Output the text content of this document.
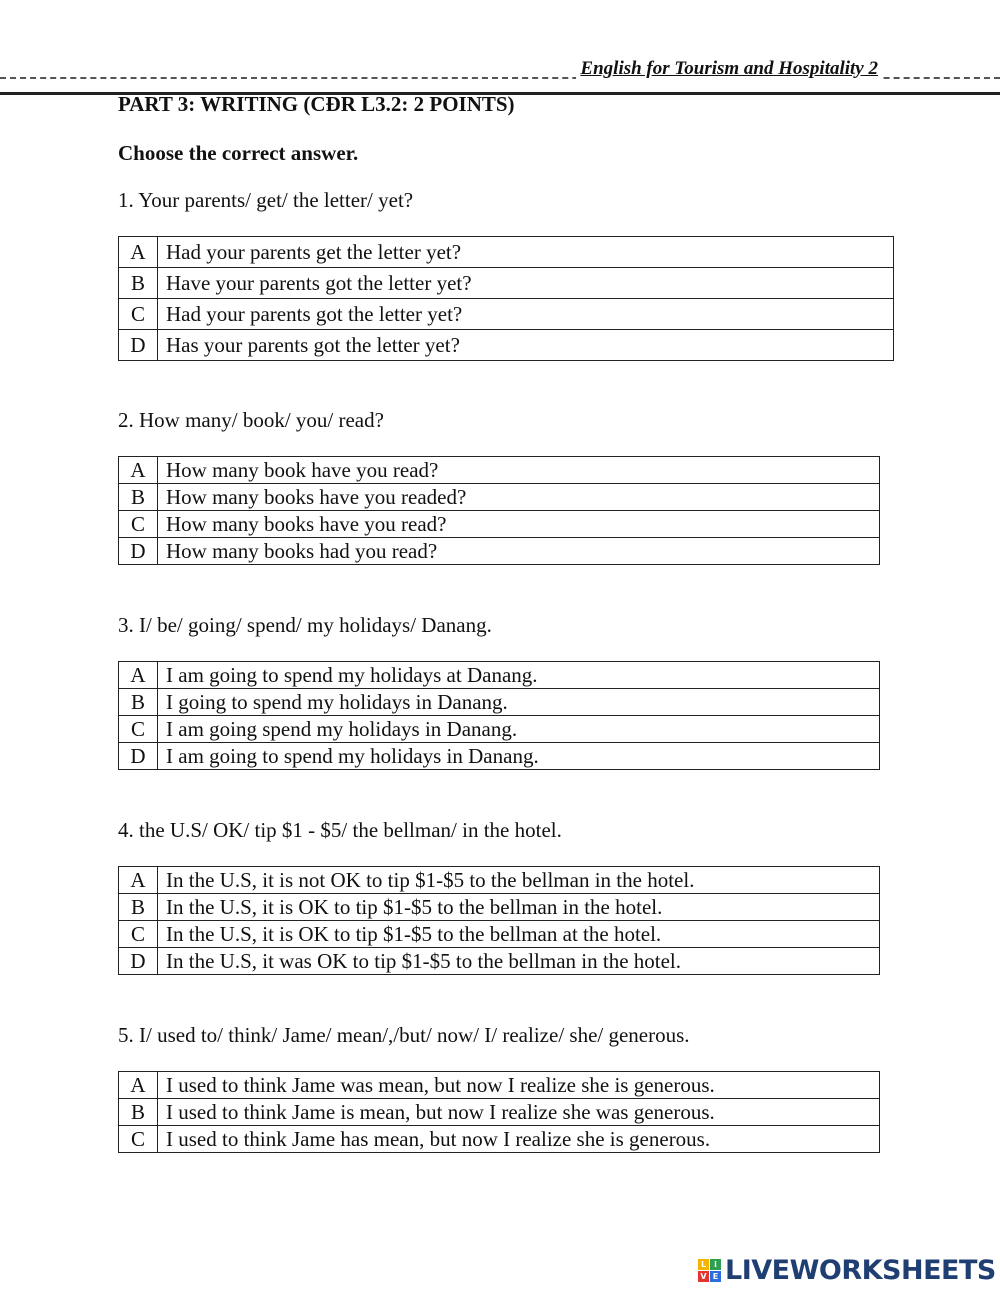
English for Tourism and Hospitality 2
PART 3: WRITING (CĐR L3.2: 2 POINTS)
Choose the correct answer.
1. Your parents/ get/ the letter/ yet?
A	Had your parents get the letter yet?
B	Have your parents got the letter yet?
C	Had your parents got the letter yet?
D	Has your parents got the letter yet?
2. How many/ book/ you/ read?
A	How many book have you read?
B	How many books have you readed?
C	How many books have you read?
D	How many books had you read?
3. I/ be/ going/ spend/ my holidays/ Danang.
A	I am going to spend my holidays at Danang.
B	I going to spend my holidays in Danang.
C	I am going spend my holidays in Danang.
D	I am going to spend my holidays in Danang.
4. the U.S/ OK/ tip $1 - $5/ the bellman/ in the hotel.
A	In the U.S, it is not OK to tip $1-$5 to the bellman in the hotel.
B	In the U.S, it is OK to tip $1-$5 to the bellman in the hotel.
C	In the U.S, it is OK to tip $1-$5 to the bellman at the hotel.
D	In the U.S, it was OK to tip $1-$5 to the bellman in the hotel.
5. I/ used to/ think/ Jame/ mean/,/but/ now/ I/ realize/ she/ generous.
A	I used to think Jame was mean, but now I realize she is generous.
B	I used to think Jame is mean, but now I realize she was generous.
C	I used to think Jame has mean, but now I realize she is generous.
L	i
V E LIVEWORKSHEETS
